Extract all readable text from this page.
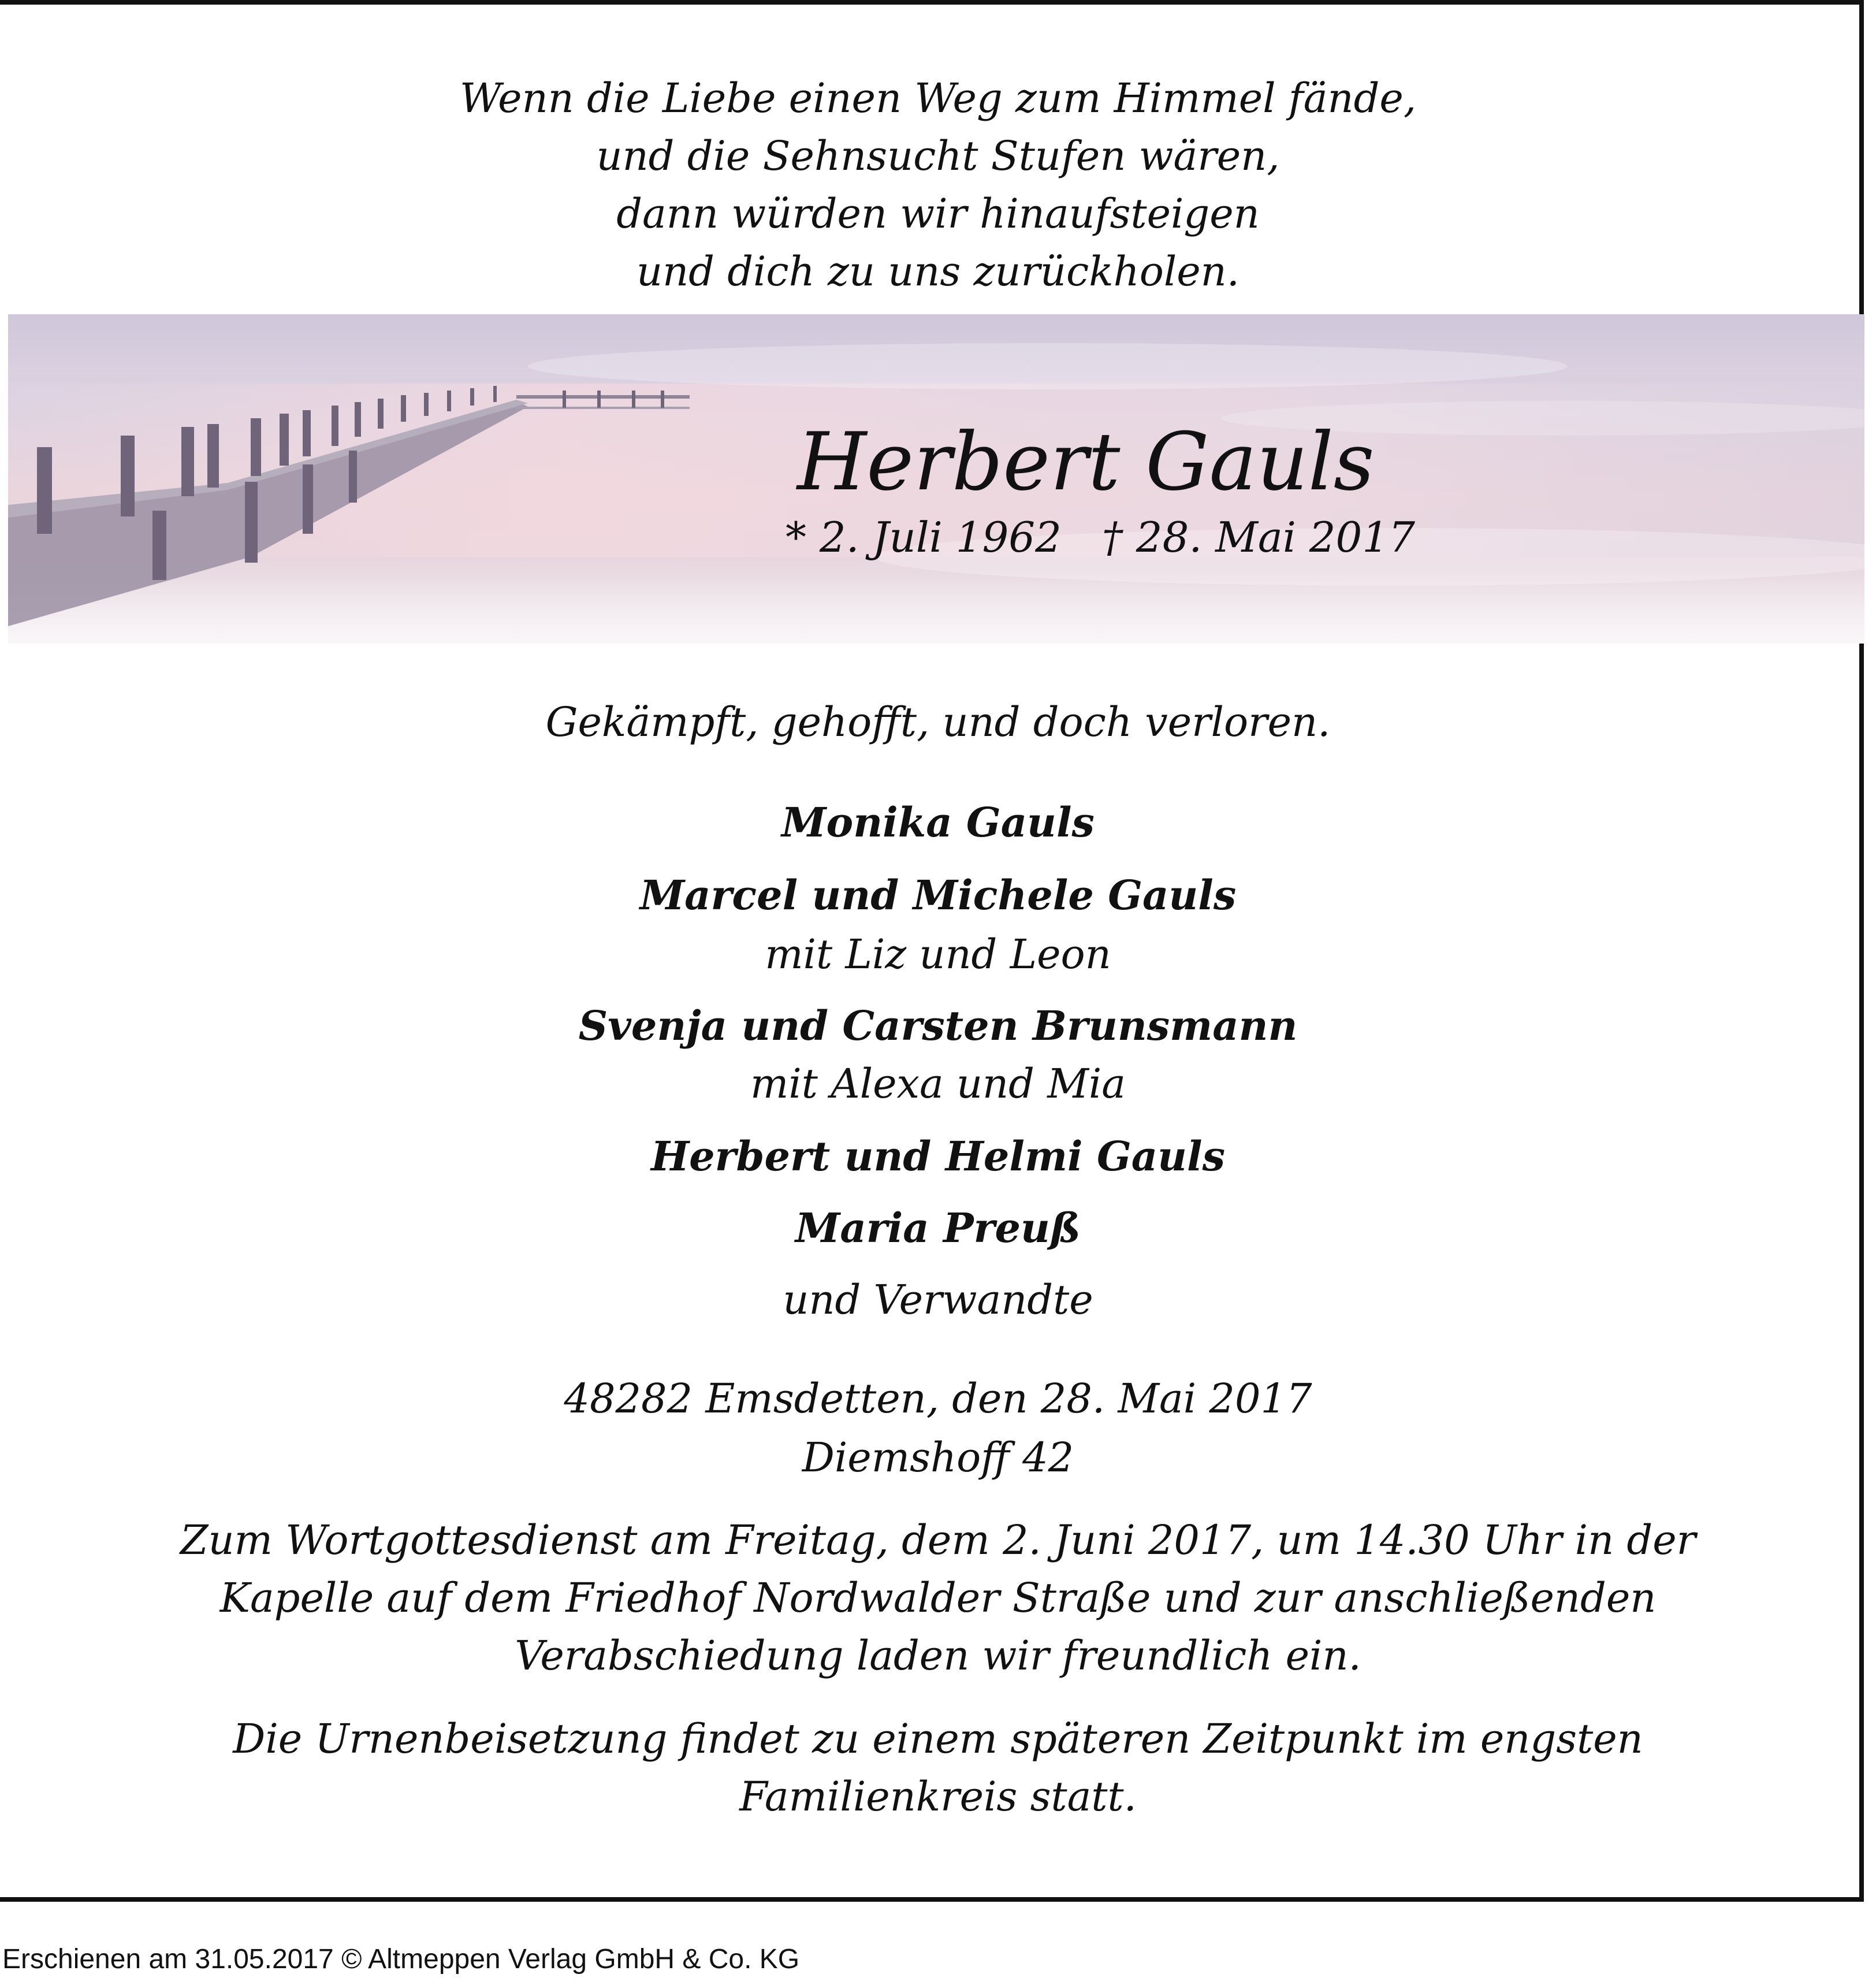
Wenn die Liebe einen Weg zum Himmel fände,
und die Sehnsucht Stufen wären,
dann würden wir hinaufsteigen
und dich zu uns zurückholen.
Herbert Gauls
* 2. Juli 1962 † 28. Mai 2017
Gekämpft, gehofft, und doch verloren.
Monika Gauls
Marcel und Michele Gauls
mit Liz und Leon
Svenja und Carsten Brunsmann
mit Alexa und Mia
Herbert und Helmi Gauls
Maria Preuß
und Verwandte
48282 Emsdetten, den 28. Mai 2017
Diemshoff 42
Zum Wortgottesdienst am Freitag, dem 2. Juni 2017, um 14.30 Uhr in der
Kapelle auf dem Friedhof Nordwalder Straße und zur anschließenden
Verabschiedung laden wir freundlich ein.
Die Urnenbeisetzung findet zu einem späteren Zeitpunkt im engsten
Familienkreis statt.
Erschienen am 31.05.2017 © Altmeppen Verlag GmbH & Co. KG
